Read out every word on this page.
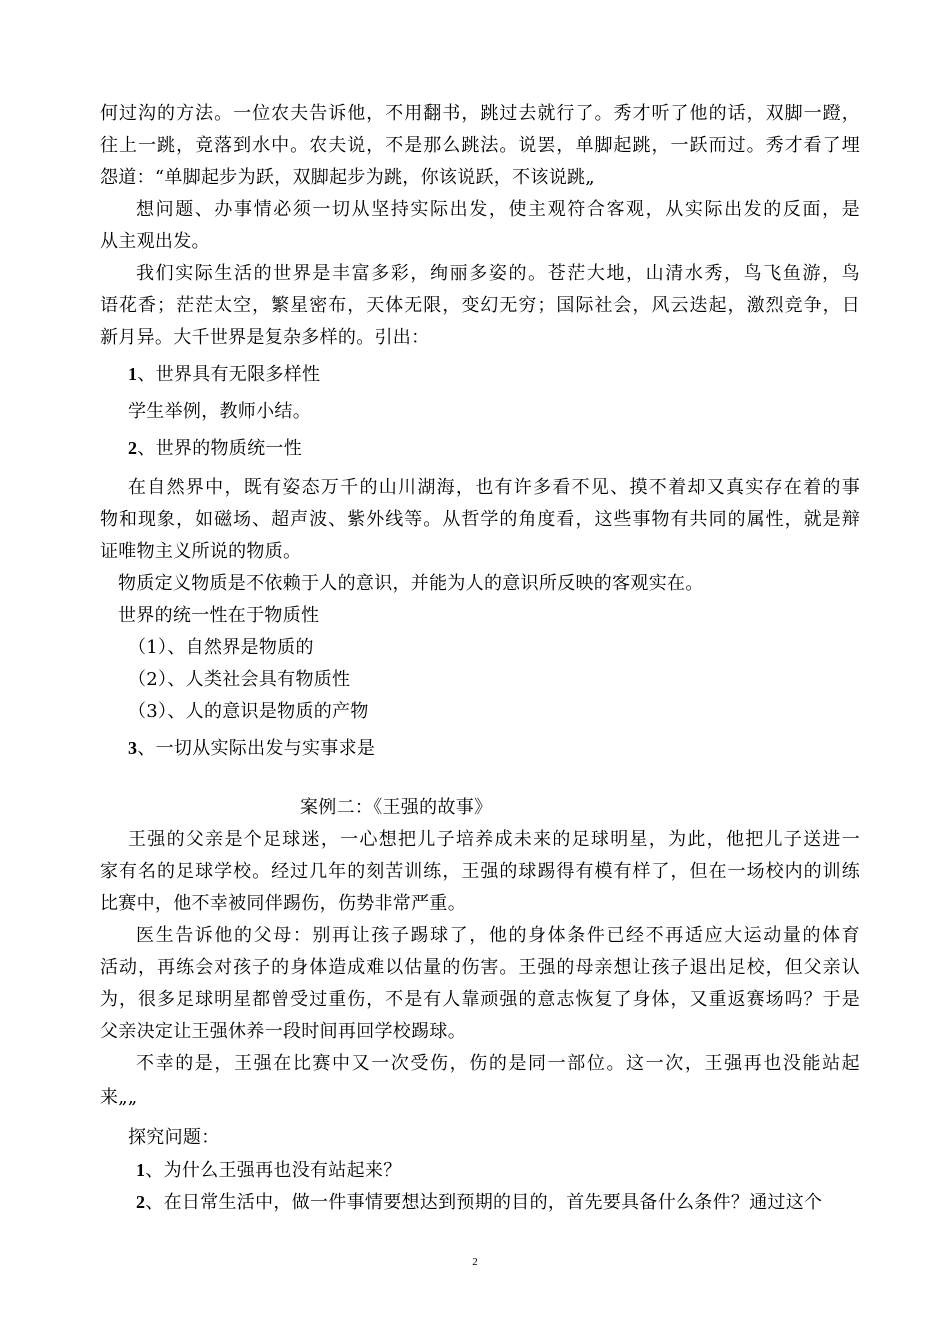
何过沟的方法。一位农夫告诉他，不用翻书，跳过去就行了。秀才听了他的话，双脚一蹬，
往上一跳，竟落到水中。农夫说，不是那么跳法。说罢，单脚起跳，一跃而过。秀才看了埋
怨道：“单脚起步为跃，双脚起步为跳，你该说跃，不该说跳„
想问题、办事情必须一切从坚持实际出发，使主观符合客观，从实际出发的反面，是
从主观出发。
我们实际生活的世界是丰富多彩，绚丽多姿的。苍茫大地，山清水秀，鸟飞鱼游，鸟
语花香；茫茫太空，繁星密布，天体无限，变幻无穷；国际社会，风云迭起，激烈竞争，日
新月异。大千世界是复杂多样的。引出：
1、世界具有无限多样性
学生举例，教师小结。
2、世界的物质统一性
在自然界中，既有姿态万千的山川湖海，也有许多看不见、摸不着却又真实存在着的事
物和现象，如磁场、超声波、紫外线等。从哲学的角度看，这些事物有共同的属性，就是辩
证唯物主义所说的物质。
物质定义物质是不依赖于人的意识，并能为人的意识所反映的客观实在。
世界的统一性在于物质性
（1）、自然界是物质的
（2）、人类社会具有物质性
（3）、人的意识是物质的产物
3、一切从实际出发与实事求是
案例二：《王强的故事》
王强的父亲是个足球迷，一心想把儿子培养成未来的足球明星，为此，他把儿子送进一
家有名的足球学校。经过几年的刻苦训练，王强的球踢得有模有样了，但在一场校内的训练
比赛中，他不幸被同伴踢伤，伤势非常严重。
医生告诉他的父母：别再让孩子踢球了，他的身体条件已经不再适应大运动量的体育
活动，再练会对孩子的身体造成难以估量的伤害。王强的母亲想让孩子退出足校，但父亲认
为，很多足球明星都曾受过重伤，不是有人靠顽强的意志恢复了身体，又重返赛场吗？于是
父亲决定让王强休养一段时间再回学校踢球。
不幸的是，王强在比赛中又一次受伤，伤的是同一部位。这一次，王强再也没能站起
来„„
探究问题：
1、为什么王强再也没有站起来？
2、在日常生活中，做一件事情要想达到预期的目的，首先要具备什么条件？通过这个
2
